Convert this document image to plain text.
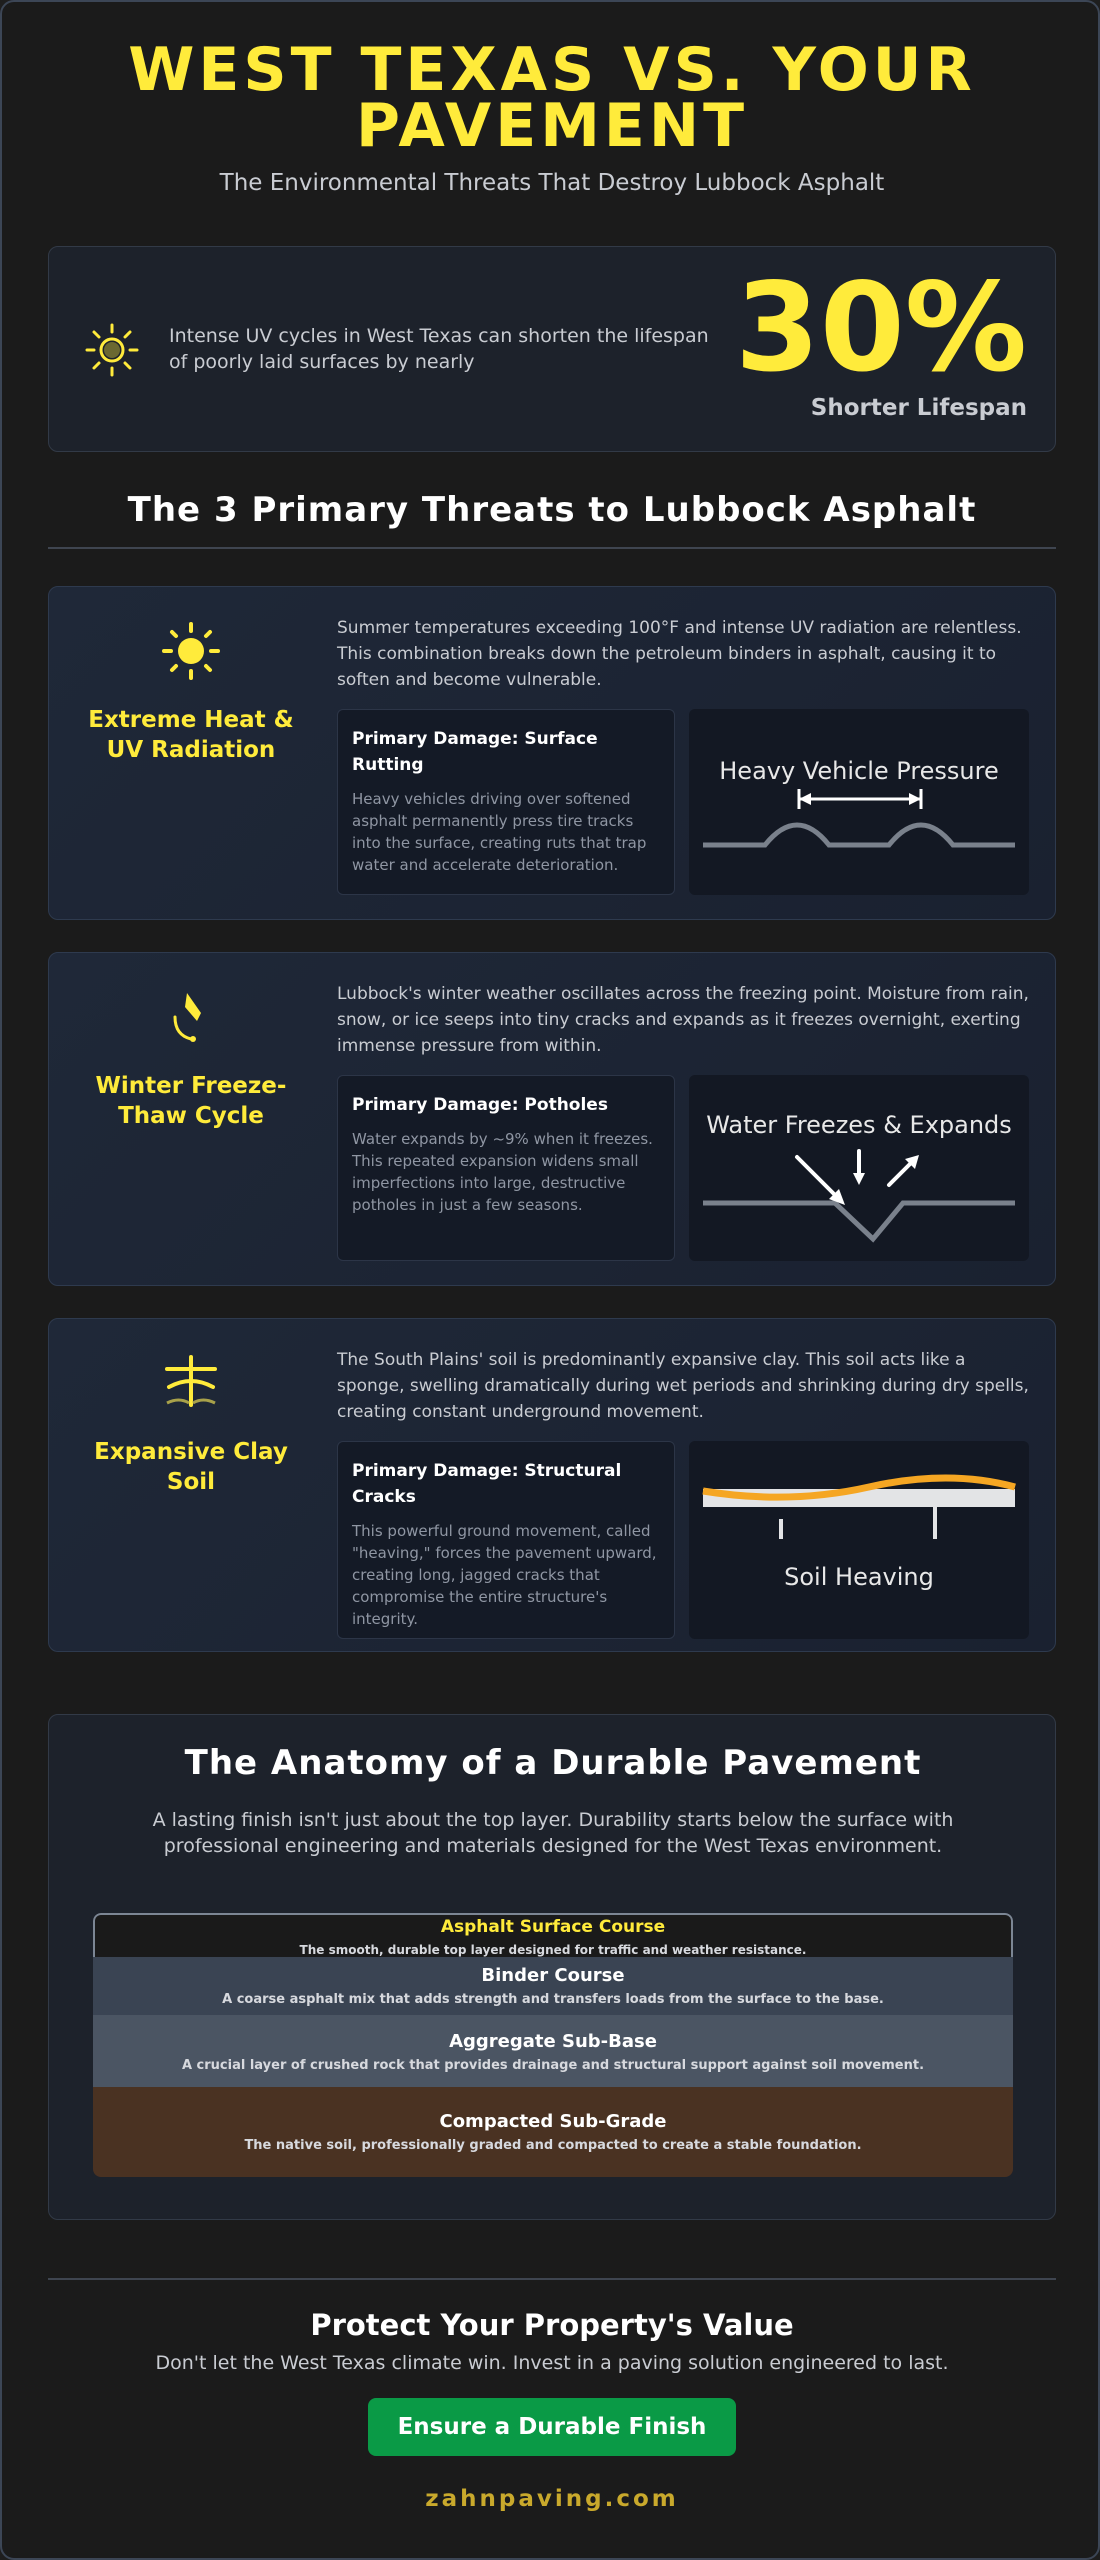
WEST TEXAS VS. YOUR
PAVEMENT
The Environmental Threats That Destroy Lubbock Asphalt
Intense UV cycles in West Texas can shorten the lifespan of poorly laid surfaces by nearly	30%
Shorter Lifespan
The 3 Primary Threats to Lubbock Asphalt
Extreme Heat & UV Radiation
Summer temperatures exceeding 100°F and intense UV radiation are relentless. This combination breaks down the petroleum binders in asphalt, causing it to soften and become vulnerable.
Primary Damage: Surface Rutting
Heavy vehicles driving over softened asphalt permanently press tire tracks into the surface, creating ruts that trap water and accelerate deterioration.
Heavy Vehicle Pressure
Winter Freeze-Thaw Cycle
Lubbock's winter weather oscillates across the freezing point. Moisture from rain, snow, or ice seeps into tiny cracks and expands as it freezes overnight, exerting immense pressure from within.
Primary Damage: Potholes
Water expands by ~9% when it freezes. This repeated expansion widens small imperfections into large, destructive potholes in just a few seasons.
Water Freezes & Expands
Expansive Clay Soil
The South Plains' soil is predominantly expansive clay. This soil acts like a sponge, swelling dramatically during wet periods and shrinking during dry spells, creating constant underground movement.
Primary Damage: Structural Cracks
This powerful ground movement, called "heaving," forces the pavement upward, creating long, jagged cracks that compromise the entire structure's integrity.
Soil Heaving
The Anatomy of a Durable Pavement
A lasting finish isn't just about the top layer. Durability starts below the surface with professional engineering and materials designed for the West Texas environment.
Asphalt Surface Course
The smooth, durable top layer designed for traffic and weather resistance.
Binder Course
A coarse asphalt mix that adds strength and transfers loads from the surface to the base.
Aggregate Sub-Base
A crucial layer of crushed rock that provides drainage and structural support against soil movement.
Compacted Sub-Grade
The native soil, professionally graded and compacted to create a stable foundation.
Protect Your Property's Value
Don't let the West Texas climate win. Invest in a paving solution engineered to last.
Ensure a Durable Finish
zahnpaving.com
